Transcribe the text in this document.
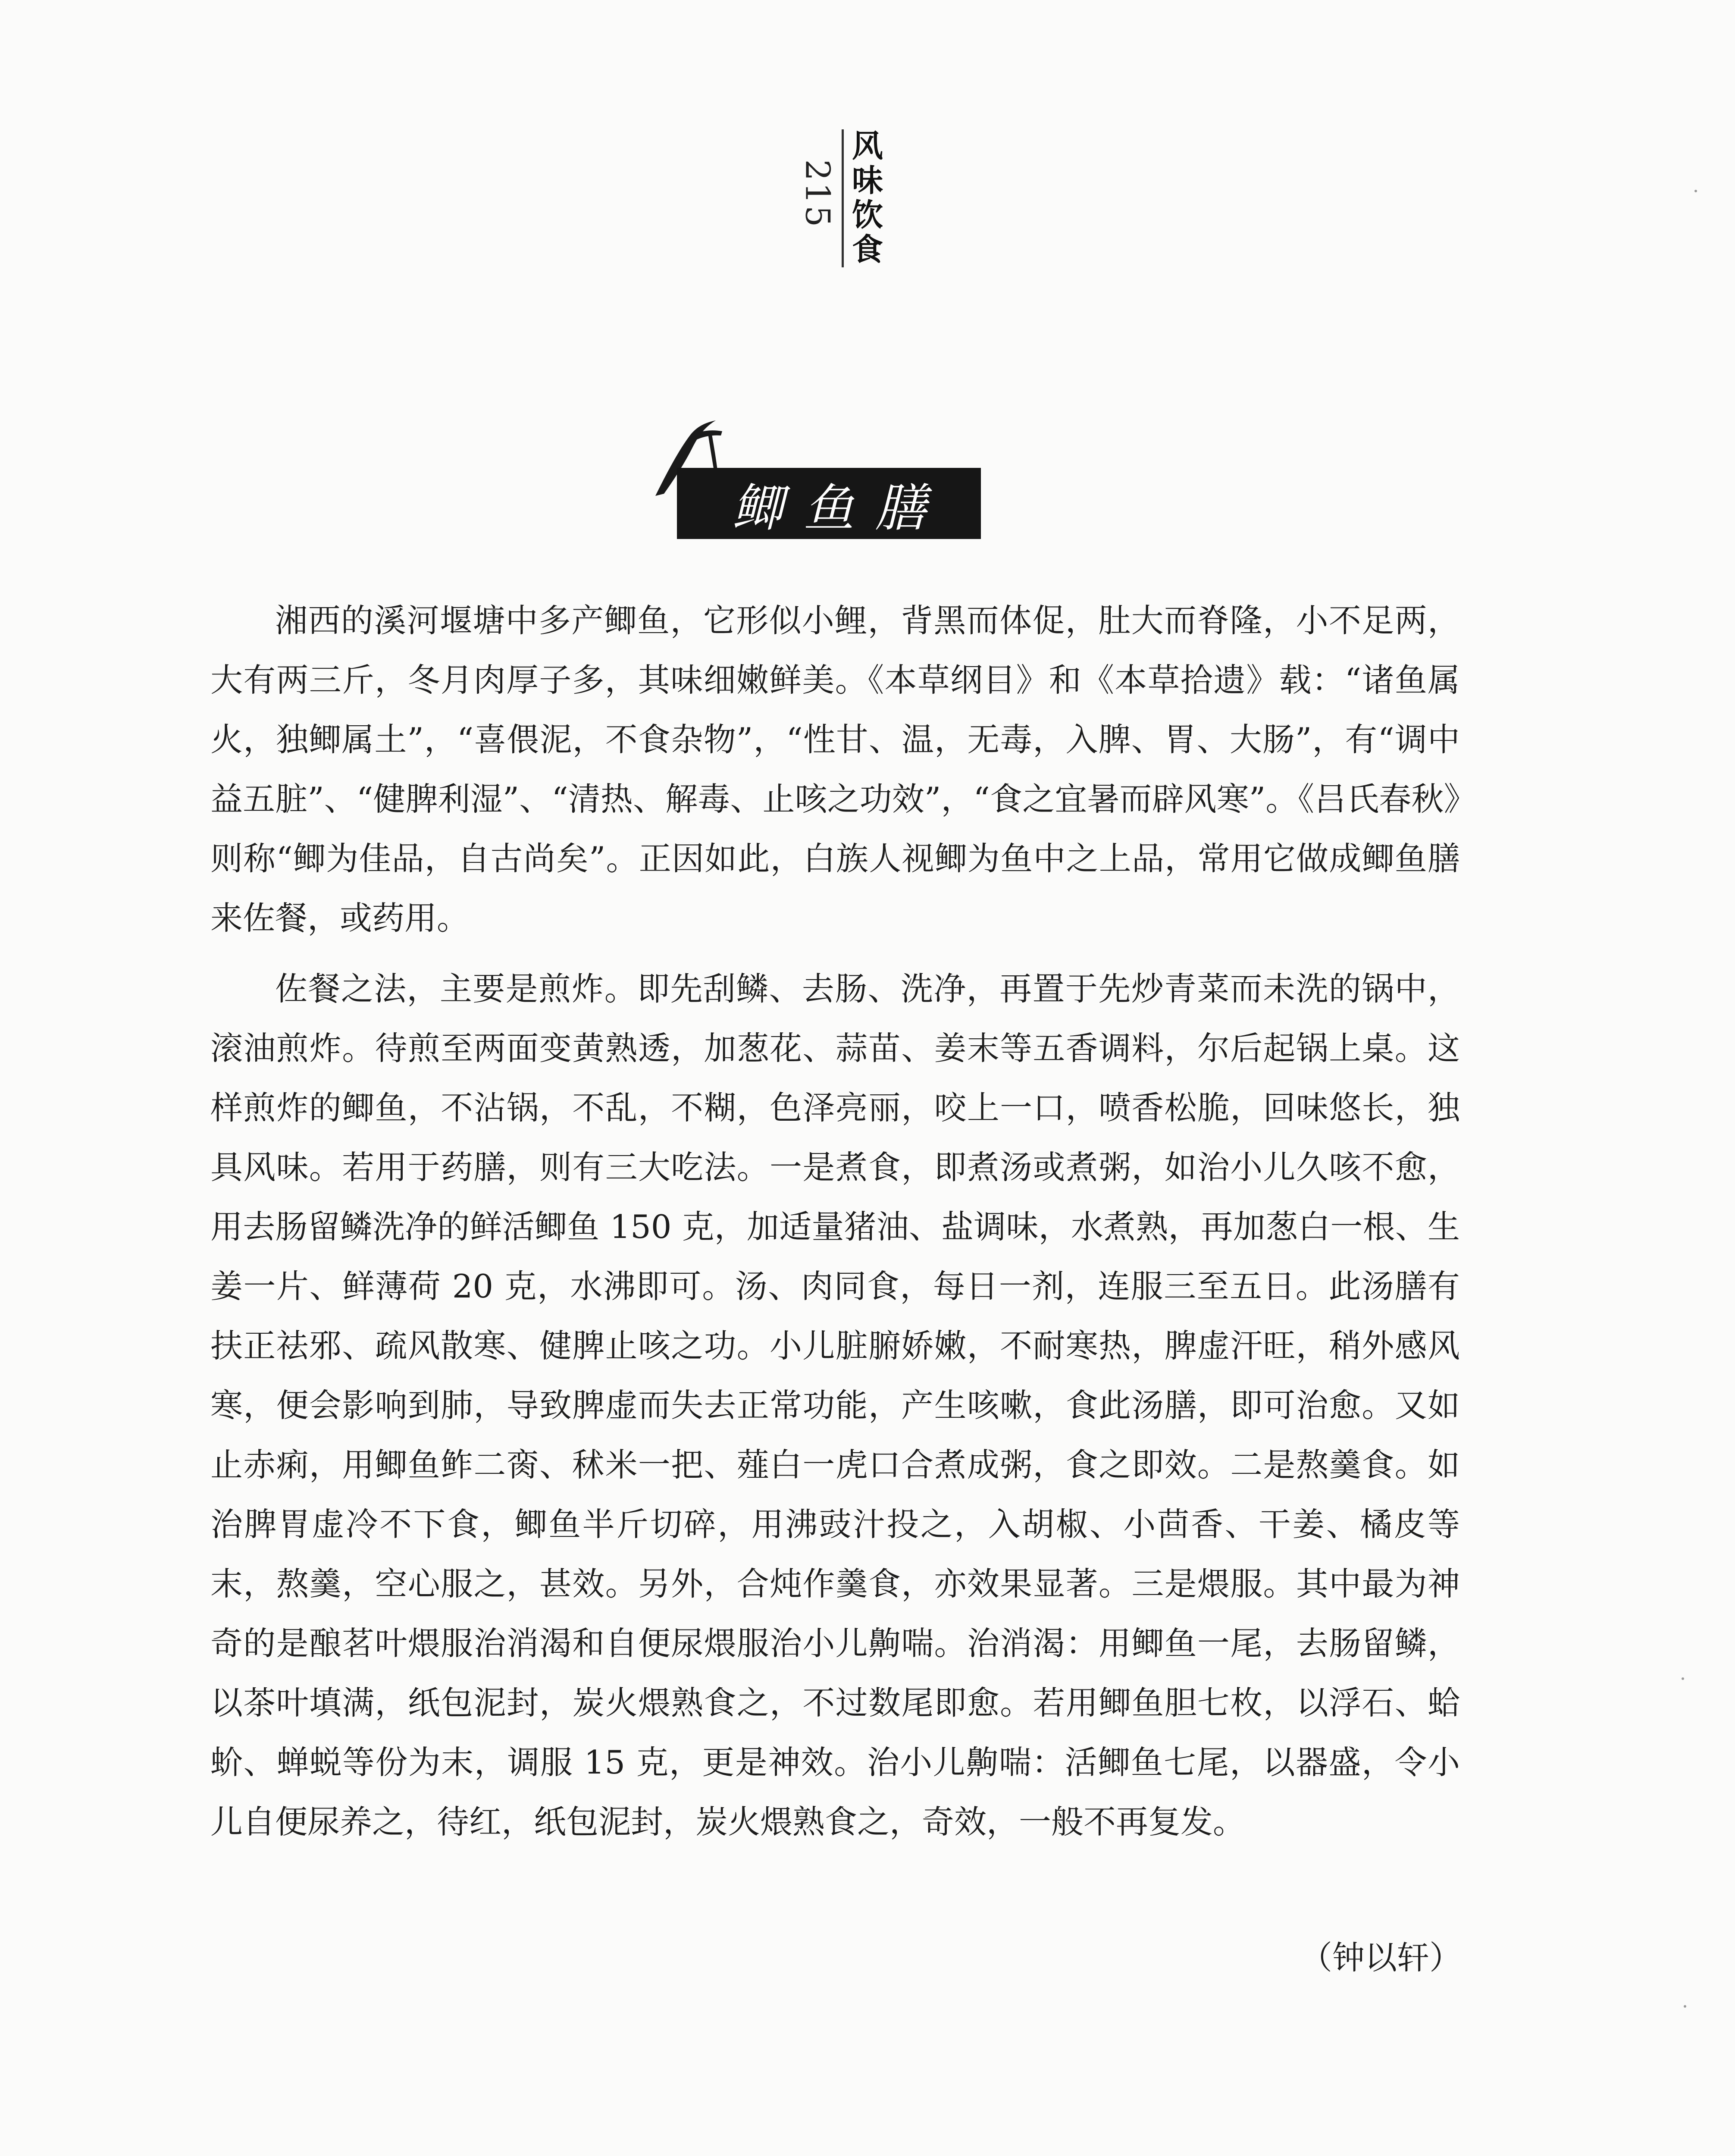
215 风味饮食
鲫鱼膳

湘西的溪河堰塘中多产鲫鱼，它形似小鲤，背黑而体促，肚大而脊隆，小不足两，大有两三斤，冬月肉厚子多，其味细嫩鲜美。《本草纲目》和《本草拾遗》载：“诸鱼属火，独鲫属土”，“喜偎泥，不食杂物”，“性甘、温，无毒，入脾、胃、大肠”，有“调中益五脏”、“健脾利湿”、“清热、解毒、止咳之功效”，“食之宜暑而辟风寒”。《吕氏春秋》则称“鲫为佳品，自古尚矣”。正因如此，白族人视鲫为鱼中之上品，常用它做成鲫鱼膳来佐餐，或药用。

佐餐之法，主要是煎炸。即先刮鳞、去肠、洗净，再置于先炒青菜而未洗的锅中，滚油煎炸。待煎至两面变黄熟透，加葱花、蒜苗、姜末等五香调料，尔后起锅上桌。这样煎炸的鲫鱼，不沾锅，不乱，不糊，色泽亮丽，咬上一口，喷香松脆，回味悠长，独具风味。若用于药膳，则有三大吃法。一是煮食，即煮汤或煮粥，如治小儿久咳不愈，用去肠留鳞洗净的鲜活鲫鱼 150 克，加适量猪油、盐调味，水煮熟，再加葱白一根、生姜一片、鲜薄荷 20 克，水沸即可。汤、肉同食，每日一剂，连服三至五日。此汤膳有扶正祛邪、疏风散寒、健脾止咳之功。小儿脏腑娇嫩，不耐寒热，脾虚汗旺，稍外感风寒，便会影响到肺，导致脾虚而失去正常功能，产生咳嗽，食此汤膳，即可治愈。又如止赤痢，用鲫鱼鲊二脔、秫米一把、薤白一虎口合煮成粥，食之即效。二是熬羹食。如治脾胃虚冷不下食，鲫鱼半斤切碎，用沸豉汁投之，入胡椒、小茴香、干姜、橘皮等末，熬羹，空心服之，甚效。另外，合炖作羹食，亦效果显著。三是煨服。其中最为神奇的是酿茗叶煨服治消渴和自便尿煨服治小儿齁喘。治消渴：用鲫鱼一尾，去肠留鳞，以茶叶填满，纸包泥封，炭火煨熟食之，不过数尾即愈。若用鲫鱼胆七枚，以浮石、蛤蚧、蝉蜕等份为末，调服 15 克，更是神效。治小儿齁喘：活鲫鱼七尾，以器盛，令小儿自便尿养之，待红，纸包泥封，炭火煨熟食之，奇效，一般不再复发。

（钟以轩）
